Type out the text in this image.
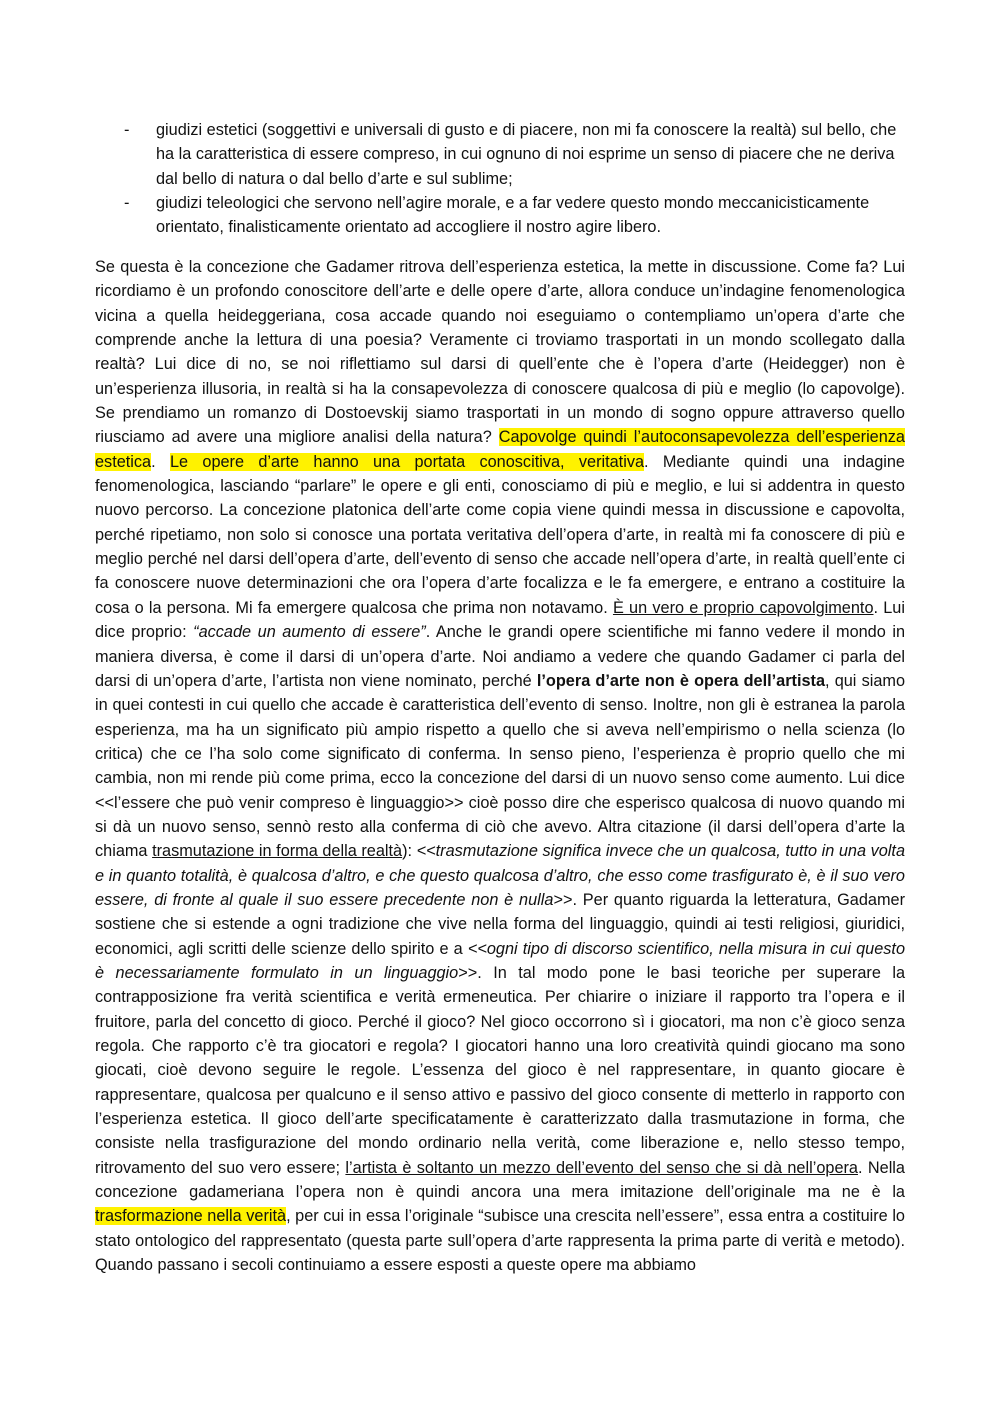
- giudizi estetici (soggettivi e universali di gusto e di piacere, non mi fa conoscere la realtà) sul bello, che ha la caratteristica di essere compreso, in cui ognuno di noi esprime un senso di piacere che ne deriva dal bello di natura o dal bello d’arte e sul sublime;
- giudizi teleologici che servono nell’agire morale, e a far vedere questo mondo meccanicisticamente orientato, finalisticamente orientato ad accogliere il nostro agire libero.

Se questa è la concezione che Gadamer ritrova dell’esperienza estetica, la mette in discussione. Come fa? Lui ricordiamo è un profondo conoscitore dell’arte e delle opere d’arte, allora conduce un’indagine fenomenologica vicina a quella heideggeriana, cosa accade quando noi eseguiamo o contempliamo un’opera d’arte che comprende anche la lettura di una poesia? Veramente ci troviamo trasportati in un mondo scollegato dalla realtà? Lui dice di no, se noi riflettiamo sul darsi di quell’ente che è l’opera d’arte (Heidegger) non è un’esperienza illusoria, in realtà si ha la consapevolezza di conoscere qualcosa di più e meglio (lo capovolge). Se prendiamo un romanzo di Dostoevskij siamo trasportati in un mondo di sogno oppure attraverso quello riusciamo ad avere una migliore analisi della natura? Capovolge quindi l’autoconsapevolezza dell’esperienza estetica. Le opere d’arte hanno una portata conoscitiva, veritativa. Mediante quindi una indagine fenomenologica, lasciando “parlare” le opere e gli enti, conosciamo di più e meglio, e lui si addentra in questo nuovo percorso. La concezione platonica dell’arte come copia viene quindi messa in discussione e capovolta, perché ripetiamo, non solo si conosce una portata veritativa dell’opera d’arte, in realtà mi fa conoscere di più e meglio perché nel darsi dell’opera d’arte, dell’evento di senso che accade nell’opera d’arte, in realtà quell’ente ci fa conoscere nuove determinazioni che ora l’opera d’arte focalizza e le fa emergere, e entrano a costituire la cosa o la persona. Mi fa emergere qualcosa che prima non notavamo. È un vero e proprio capovolgimento. Lui dice proprio: “accade un aumento di essere”. Anche le grandi opere scientifiche mi fanno vedere il mondo in maniera diversa, è come il darsi di un’opera d’arte. Noi andiamo a vedere che quando Gadamer ci parla del darsi di un’opera d’arte, l’artista non viene nominato, perché l’opera d’arte non è opera dell’artista, qui siamo in quei contesti in cui quello che accade è caratteristica dell’evento di senso. Inoltre, non gli è estranea la parola esperienza, ma ha un significato più ampio rispetto a quello che si aveva nell’empirismo o nella scienza (lo critica) che ce l’ha solo come significato di conferma. In senso pieno, l’esperienza è proprio quello che mi cambia, non mi rende più come prima, ecco la concezione del darsi di un nuovo senso come aumento. Lui dice <<l’essere che può venir compreso è linguaggio>> cioè posso dire che esperisco qualcosa di nuovo quando mi si dà un nuovo senso, sennò resto alla conferma di ciò che avevo. Altra citazione (il darsi dell’opera d’arte la chiama trasmutazione in forma della realtà): <<trasmutazione significa invece che un qualcosa, tutto in una volta e in quanto totalità, è qualcosa d’altro, e che questo qualcosa d’altro, che esso come trasfigurato è, è il suo vero essere, di fronte al quale il suo essere precedente non è nulla>>. Per quanto riguarda la letteratura, Gadamer sostiene che si estende a ogni tradizione che vive nella forma del linguaggio, quindi ai testi religiosi, giuridici, economici, agli scritti delle scienze dello spirito e a <<ogni tipo di discorso scientifico, nella misura in cui questo è necessariamente formulato in un linguaggio>>. In tal modo pone le basi teoriche per superare la contrapposizione fra verità scientifica e verità ermeneutica. Per chiarire o iniziare il rapporto tra l’opera e il fruitore, parla del concetto di gioco. Perché il gioco? Nel gioco occorrono sì i giocatori, ma non c’è gioco senza regola. Che rapporto c’è tra giocatori e regola? I giocatori hanno una loro creatività quindi giocano ma sono giocati, cioè devono seguire le regole. L’essenza del gioco è nel rappresentare, in quanto giocare è rappresentare, qualcosa per qualcuno e il senso attivo e passivo del gioco consente di metterlo in rapporto con l’esperienza estetica. Il gioco dell’arte specificatamente è caratterizzato dalla trasmutazione in forma, che consiste nella trasfigurazione del mondo ordinario nella verità, come liberazione e, nello stesso tempo, ritrovamento del suo vero essere; l’artista è soltanto un mezzo dell’evento del senso che si dà nell’opera. Nella concezione gadameriana l’opera non è quindi ancora una mera imitazione dell’originale ma ne è la trasformazione nella verità, per cui in essa l’originale “subisce una crescita nell’essere”, essa entra a costituire lo stato ontologico del rappresentato (questa parte sull’opera d’arte rappresenta la prima parte di verità e metodo). Quando passano i secoli continuiamo a essere esposti a queste opere ma abbiamo
